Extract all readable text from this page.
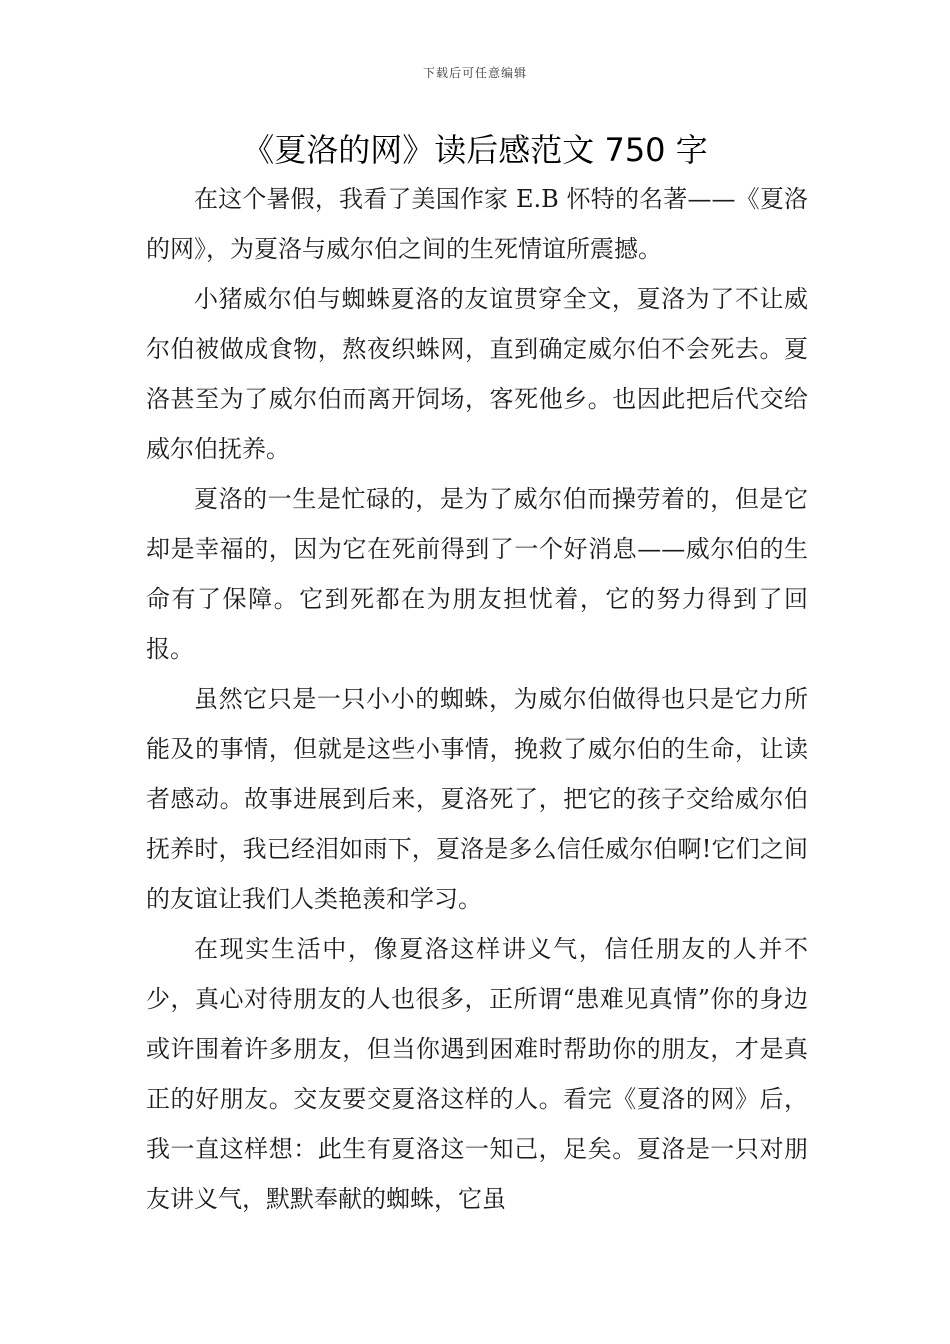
下载后可任意编辑
《夏洛的网》读后感范文 750 字

在这个暑假，我看了美国作家 E.B 怀特的名著——《夏洛的网》，为夏洛与威尔伯之间的生死情谊所震撼。

小猪威尔伯与蜘蛛夏洛的友谊贯穿全文，夏洛为了不让威尔伯被做成食物，熬夜织蛛网，直到确定威尔伯不会死去。夏洛甚至为了威尔伯而离开饲场，客死他乡。也因此把后代交给威尔伯抚养。

夏洛的一生是忙碌的，是为了威尔伯而操劳着的，但是它却是幸福的，因为它在死前得到了一个好消息——威尔伯的生命有了保障。它到死都在为朋友担忧着，它的努力得到了回报。

虽然它只是一只小小的蜘蛛，为威尔伯做得也只是它力所能及的事情，但就是这些小事情，挽救了威尔伯的生命，让读者感动。故事进展到后来，夏洛死了，把它的孩子交给威尔伯抚养时，我已经泪如雨下，夏洛是多么信任威尔伯啊!它们之间的友谊让我们人类艳羡和学习。

在现实生活中，像夏洛这样讲义气，信任朋友的人并不少，真心对待朋友的人也很多，正所谓“患难见真情”你的身边或许围着许多朋友，但当你遇到困难时帮助你的朋友，才是真正的好朋友。交友要交夏洛这样的人。看完《夏洛的网》后，我一直这样想：此生有夏洛这一知己，足矣。夏洛是一只对朋友讲义气，默默奉献的蜘蛛，它虽
